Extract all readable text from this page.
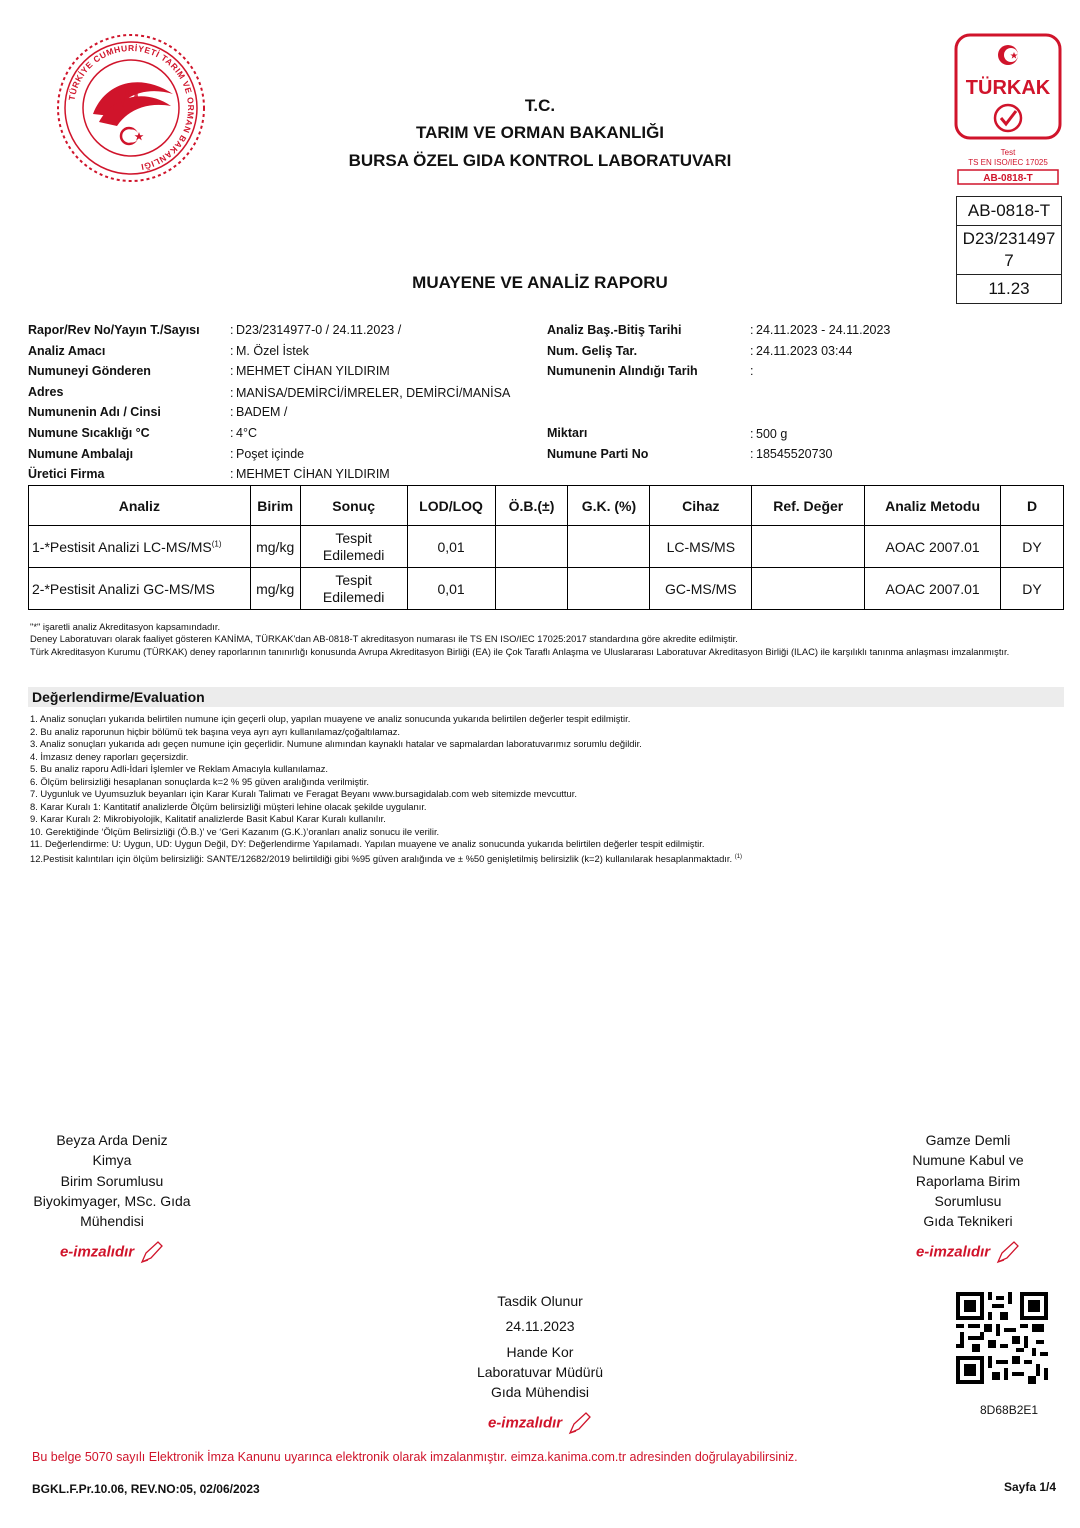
TÜRKİYE CUMHURİYETİ TARIM VE ORMAN BAKANLIĞI
T.C.
TARIM VE ORMAN BAKANLIĞI
BURSA ÖZEL GIDA KONTROL LABORATUVARI
MUAYENE VE ANALİZ RAPORU
TÜRKAK
Test
TS EN ISO/IEC 17025
AB-0818-T
AB-0818-T
D23/231497
7
11.23
Rapor/Rev No/Yayın T./Sayısı : D23/2314977-0 / 24.11.2023 /
Analiz Amacı	: M. Özel İstek
Numuneyi Gönderen	: MEHMET CİHAN YILDIRIM
Adres	: MANİSA/DEMİRCİ/İMRELER, DEMİRCİ/MANİSA
Numunenin Adı / Cinsi	: BADEM /
Numune Sıcaklığı °C	: 4°C
Numune Ambalajı	: Poşet içinde
Üretici Firma	: MEHMET CİHAN YILDIRIM
Analiz Baş.-Bitiş Tarihi	: 24.11.2023 - 24.11.2023
Num. Geliş Tar.	: 24.11.2023 03:44
Numunenin Alındığı Tarih	:
Miktarı	: 500 g
Numune Parti No	: 18545520730
Analiz	Birim	Sonuç	LOD/LOQ	Ö.B.(±)	G.K. (%)	Cihaz	Ref. Değer	Analiz Metodu	D
1-*Pestisit Analizi LC-MS/MS$^{(1)}$	mg/kg	Tespit
Edilemedi	0,01			LC-MS/MS		AOAC 2007.01	DY
2-*Pestisit Analizi GC-MS/MS	mg/kg	Tespit
Edilemedi	0,01			GC-MS/MS		AOAC 2007.01	DY
"*" işaretli analiz Akreditasyon kapsamındadır.
Deney Laboratuvarı olarak faaliyet gösteren KANİMA, TÜRKAK'dan AB-0818-T akreditasyon numarası ile TS EN ISO/IEC 17025:2017 standardına göre akredite edilmiştir.
Türk Akreditasyon Kurumu (TÜRKAK) deney raporlarının tanınırlığı konusunda Avrupa Akreditasyon Birliği (EA) ile Çok Taraflı Anlaşma ve Uluslararası Laboratuvar Akreditasyon Birliği (ILAC) ile karşılıklı tanınma anlaşması imzalanmıştır.
Değerlendirme/Evaluation
1. Analiz sonuçları yukarıda belirtilen numune için geçerli olup, yapılan muayene ve analiz sonucunda yukarıda belirtilen değerler tespit edilmiştir.
2. Bu analiz raporunun hiçbir bölümü tek başına veya ayrı ayrı kullanılamaz/çoğaltılamaz.
3. Analiz sonuçları yukarıda adı geçen numune için geçerlidir. Numune alımından kaynaklı hatalar ve sapmalardan laboratuvarımız sorumlu değildir.
4. İmzasız deney raporları geçersizdir.
5. Bu analiz raporu Adli-İdari İşlemler ve Reklam Amacıyla kullanılamaz.
6. Ölçüm belirsizliği hesaplanan sonuçlarda k=2 % 95 güven aralığında verilmiştir.
7. Uygunluk ve Uyumsuzluk beyanları için Karar Kuralı Talimatı ve Feragat Beyanı www.bursagidalab.com web sitemizde mevcuttur.
8. Karar Kuralı 1: Kantitatif analizlerde Ölçüm belirsizliği müşteri lehine olacak şekilde uygulanır.
9. Karar Kuralı 2: Mikrobiyolojik, Kalitatif analizlerde Basit Kabul Karar Kuralı kullanılır.
10. Gerektiğinde ‘Ölçüm Belirsizliği (Ö.B.)’ ve ‘Geri Kazanım (G.K.)’oranları analiz sonucu ile verilir.
11. Değerlendirme: U: Uygun, UD: Uygun Değil, DY: Değerlendirme Yapılamadı. Yapılan muayene ve analiz sonucunda yukarıda belirtilen değerler tespit edilmiştir.
12.Pestisit kalıntıları için ölçüm belirsizliği: SANTE/12682/2019 belirtildiği gibi %95 güven aralığında ve ± %50 genişletilmiş belirsizlik (k=2) kullanılarak hesaplanmaktadır. $^{(1)}$
Beyza Arda Deniz
Kimya
Birim Sorumlusu
Biyokimyager, MSc. Gıda
Mühendisi
e-imzalıdır
Gamze Demli
Numune Kabul ve
Raporlama Birim
Sorumlusu
Gıda Teknikeri
e-imzalıdır
Tasdik Olunur
24.11.2023
Hande Kor
Laboratuvar Müdürü
Gıda Mühendisi
e-imzalıdır
8D68B2E1
Bu belge 5070 sayılı Elektronik İmza Kanunu uyarınca elektronik olarak imzalanmıştır. eimza.kanima.com.tr adresinden doğrulayabilirsiniz.
BGKL.F.Pr.10.06, REV.NO:05, 02/06/2023	Sayfa 1/4
